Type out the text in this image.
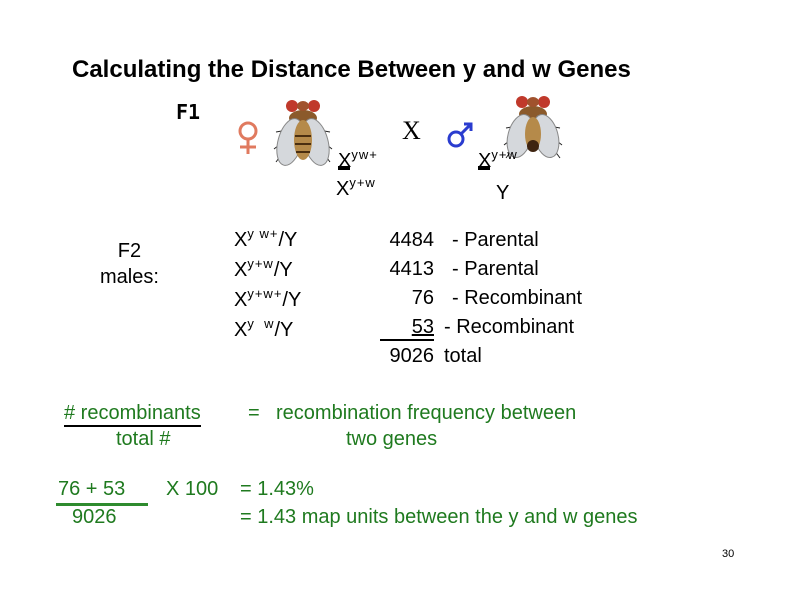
Calculating the Distance Between y and w Genes
F1
X
$X^{yw+}$
$X^{y+w}$
$X^{y+w}$
Y
F2
males:
$X^{y w+}/Y$
$X^{y+w}/Y$
$X^{y+w+}/Y$
$X^{y w}/Y$
4484 - Parental
4413 - Parental
76 - Recombinant
53 - Recombinant
9026 total
# recombinants
total #
= recombination frequency between
two genes
76 + 53
9026
X 100 = 1.43%
= 1.43 map units between the y and w genes
30
